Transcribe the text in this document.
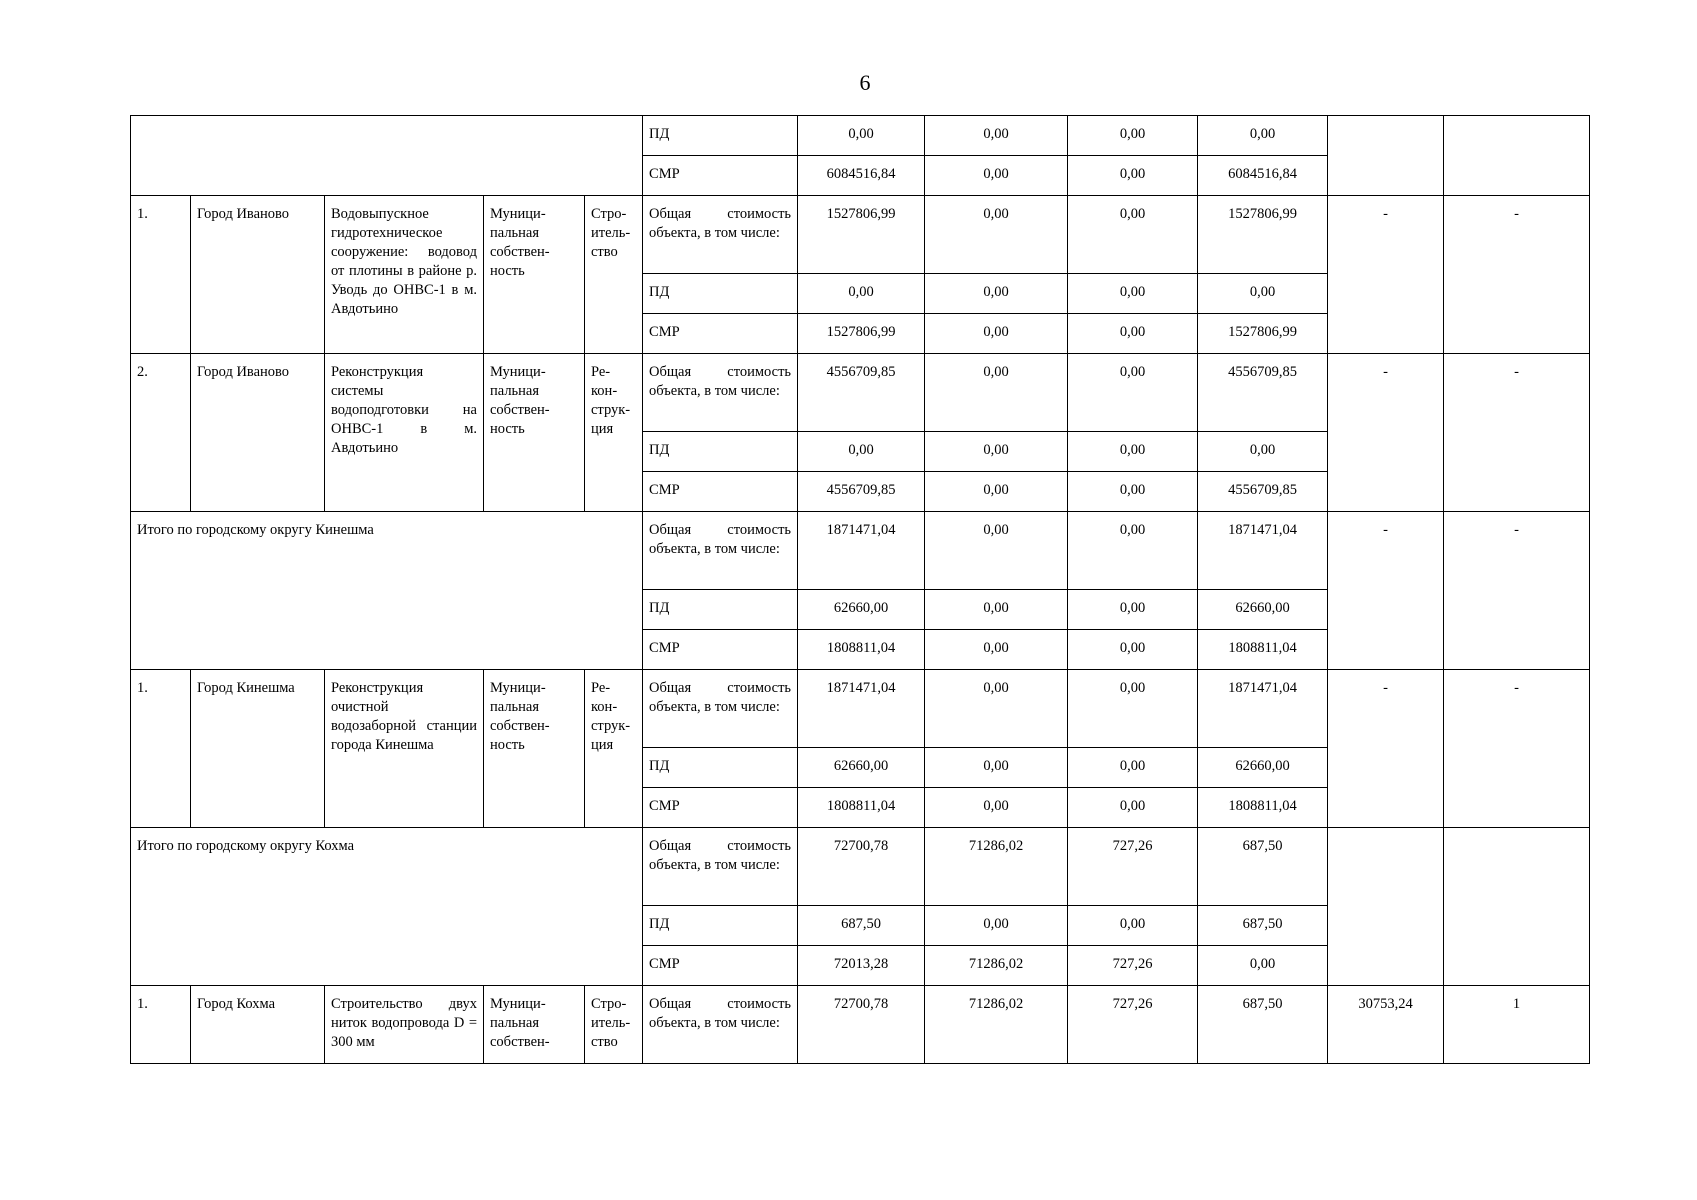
6
					ПД	0,00	0,00	0,00	0,00		
					СМР	6084516,84	0,00	0,00	6084516,84		
1.	Город Иваново	Водовыпускное гидротехническое сооружение: водовод от плотины в районе р. Уводь до ОНВС-1 в м. Авдотьино	Муници- пальная собствен- ность	Стро- итель- ство	Общая стоимость объекта, в том числе:	1527806,99	0,00	0,00	1527806,99	-	-
					ПД	0,00	0,00	0,00	0,00		
					СМР	1527806,99	0,00	0,00	1527806,99		
2.	Город Иваново	Реконструкция системы водоподготовки на ОНВС-1 в м. Авдотьино	Муници- пальная собствен- ность	Ре- кон- струк- ция	Общая стоимость объекта, в том числе:	4556709,85	0,00	0,00	4556709,85	-	-
					ПД	0,00	0,00	0,00	0,00		
					СМР	4556709,85	0,00	0,00	4556709,85		
Итого по городскому округу Кинешма					Общая стоимость объекта, в том числе:	1871471,04	0,00	0,00	1871471,04	-	-
					ПД	62660,00	0,00	0,00	62660,00		
					СМР	1808811,04	0,00	0,00	1808811,04		
1.	Город Кинешма	Реконструкция очистной водозаборной станции города Кинешма	Муници- пальная собствен- ность	Ре- кон- струк- ция	Общая стоимость объекта, в том числе:	1871471,04	0,00	0,00	1871471,04	-	-
					ПД	62660,00	0,00	0,00	62660,00		
					СМР	1808811,04	0,00	0,00	1808811,04		
Итого по городскому округу Кохма					Общая стоимость объекта, в том числе:	72700,78	71286,02	727,26	687,50		
					ПД	687,50	0,00	0,00	687,50		
					СМР	72013,28	71286,02	727,26	0,00		
1.	Город Кохма	Строительство двух ниток водопровода D = 300 мм	Муници- пальная собствен-	Стро- итель- ство	Общая стоимость объекта, в том числе:	72700,78	71286,02	727,26	687,50	30753,24	1
